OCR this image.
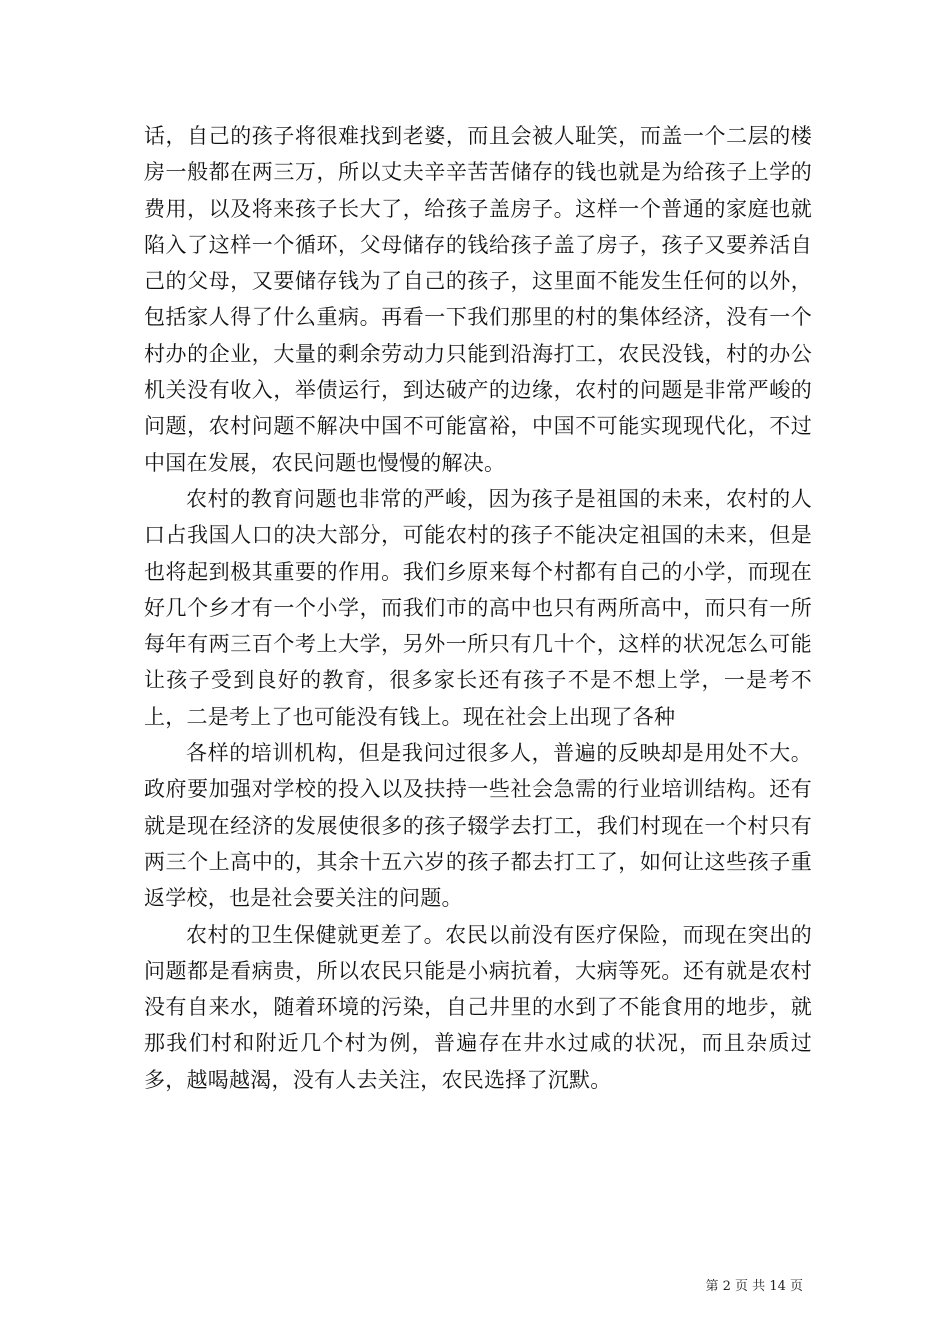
话，自己的孩子将很难找到老婆，而且会被人耻笑，而盖一个二层的楼房一般都在两三万，所以丈夫辛辛苦苦储存的钱也就是为给孩子上学的费用，以及将来孩子长大了，给孩子盖房子。这样一个普通的家庭也就陷入了这样一个循环，父母储存的钱给孩子盖了房子，孩子又要养活自己的父母，又要储存钱为了自己的孩子，这里面不能发生任何的以外，包括家人得了什么重病。再看一下我们那里的村的集体经济，没有一个村办的企业，大量的剩余劳动力只能到沿海打工，农民没钱，村的办公机关没有收入，举债运行，到达破产的边缘，农村的问题是非常严峻的问题，农村问题不解决中国不可能富裕，中国不可能实现现代化，不过中国在发展，农民问题也慢慢的解决。

农村的教育问题也非常的严峻，因为孩子是祖国的未来，农村的人口占我国人口的决大部分，可能农村的孩子不能决定祖国的未来，但是也将起到极其重要的作用。我们乡原来每个村都有自己的小学，而现在好几个乡才有一个小学，而我们市的高中也只有两所高中，而只有一所每年有两三百个考上大学，另外一所只有几十个，这样的状况怎么可能让孩子受到良好的教育，很多家长还有孩子不是不想上学，一是考不上，二是考上了也可能没有钱上。现在社会上出现了各种

各样的培训机构，但是我问过很多人，普遍的反映却是用处不大。政府要加强对学校的投入以及扶持一些社会急需的行业培训结构。还有就是现在经济的发展使很多的孩子辍学去打工，我们村现在一个村只有两三个上高中的，其余十五六岁的孩子都去打工了，如何让这些孩子重返学校，也是社会要关注的问题。

农村的卫生保健就更差了。农民以前没有医疗保险，而现在突出的问题都是看病贵，所以农民只能是小病抗着，大病等死。还有就是农村没有自来水，随着环境的污染，自己井里的水到了不能食用的地步，就那我们村和附近几个村为例，普遍存在井水过咸的状况，而且杂质过多，越喝越渴，没有人去关注，农民选择了沉默。

第 2 页 共 14 页
